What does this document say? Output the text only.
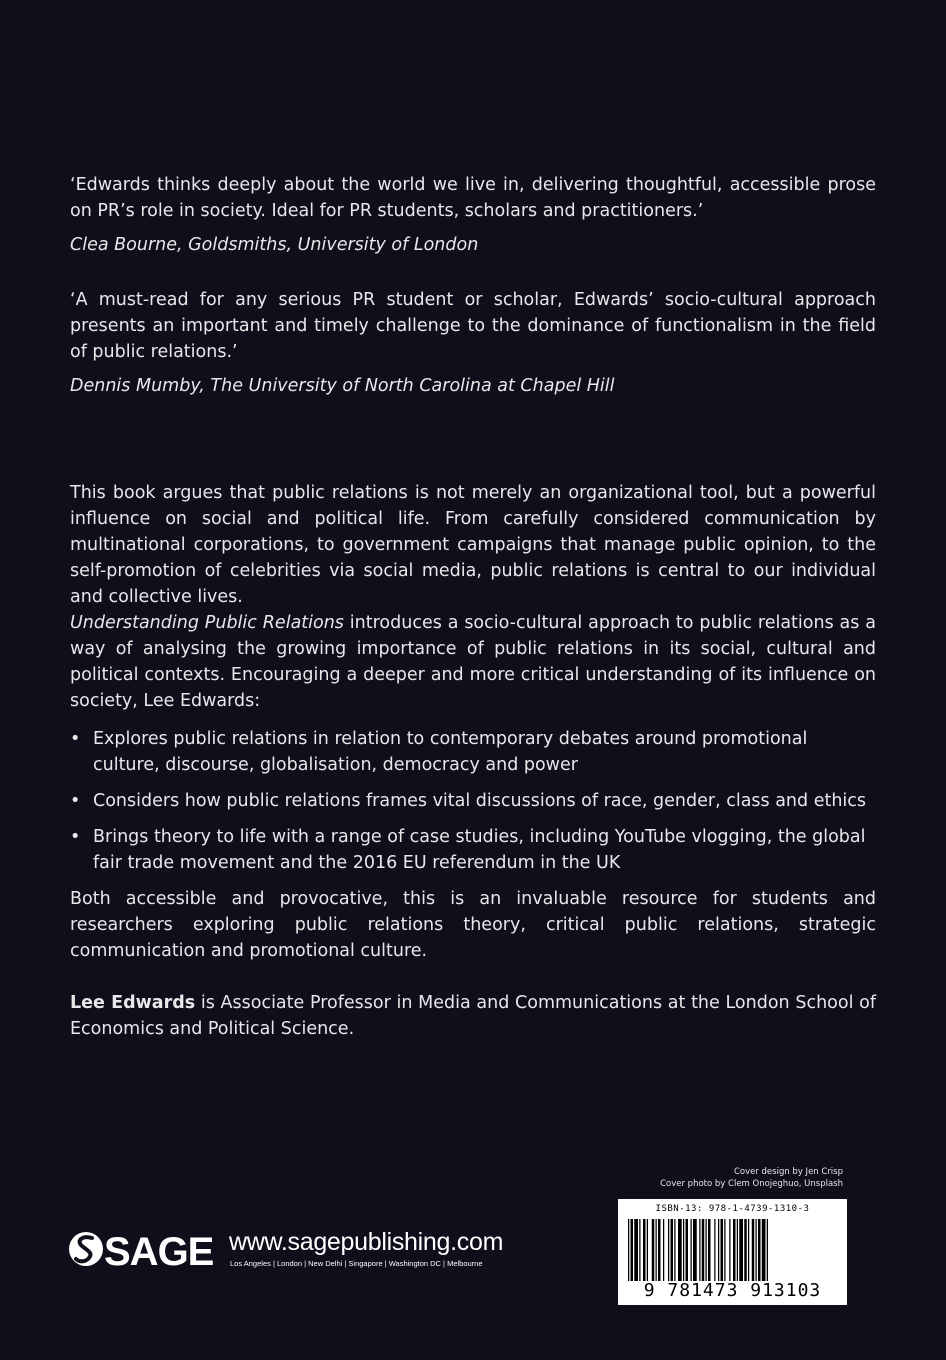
‘Edwards thinks deeply about the world we live in, delivering thoughtful, accessible prose on PR’s role in society. Ideal for PR students, scholars and practitioners.’

Clea Bourne, Goldsmiths, University of London

‘A must-read for any serious PR student or scholar, Edwards’ socio-cultural approach presents an important and timely challenge to the dominance of functionalism in the field of public relations.’

Dennis Mumby, The University of North Carolina at Chapel Hill

This book argues that public relations is not merely an organizational tool, but a powerful influence on social and political life. From carefully considered communication by multinational corporations, to government campaigns that manage public opinion, to the self-promotion of celebrities via social media, public relations is central to our individual and collective lives.

Understanding Public Relations introduces a socio-cultural approach to public relations as a way of analysing the growing importance of public relations in its social, cultural and political contexts. Encouraging a deeper and more critical understanding of its influence on society, Lee Edwards:

• Explores public relations in relation to contemporary debates around promotional culture, discourse, globalisation, democracy and power
• Considers how public relations frames vital discussions of race, gender, class and ethics
• Brings theory to life with a range of case studies, including YouTube vlogging, the global fair trade movement and the 2016 EU referendum in the UK

Both accessible and provocative, this is an invaluable resource for students and researchers exploring public relations theory, critical public relations, strategic communication and promotional culture.

Lee Edwards is Associate Professor in Media and Communications at the London School of Economics and Political Science.

Cover design by Jen Crisp
Cover photo by Clem Onojeghuo, Unsplash
SAGE www.sagepublishing.com
Los Angeles | London | New Delhi | Singapore | Washington DC | Melbourne
ISBN-13: 978-1-4739-1310-3
9 781473 913103
